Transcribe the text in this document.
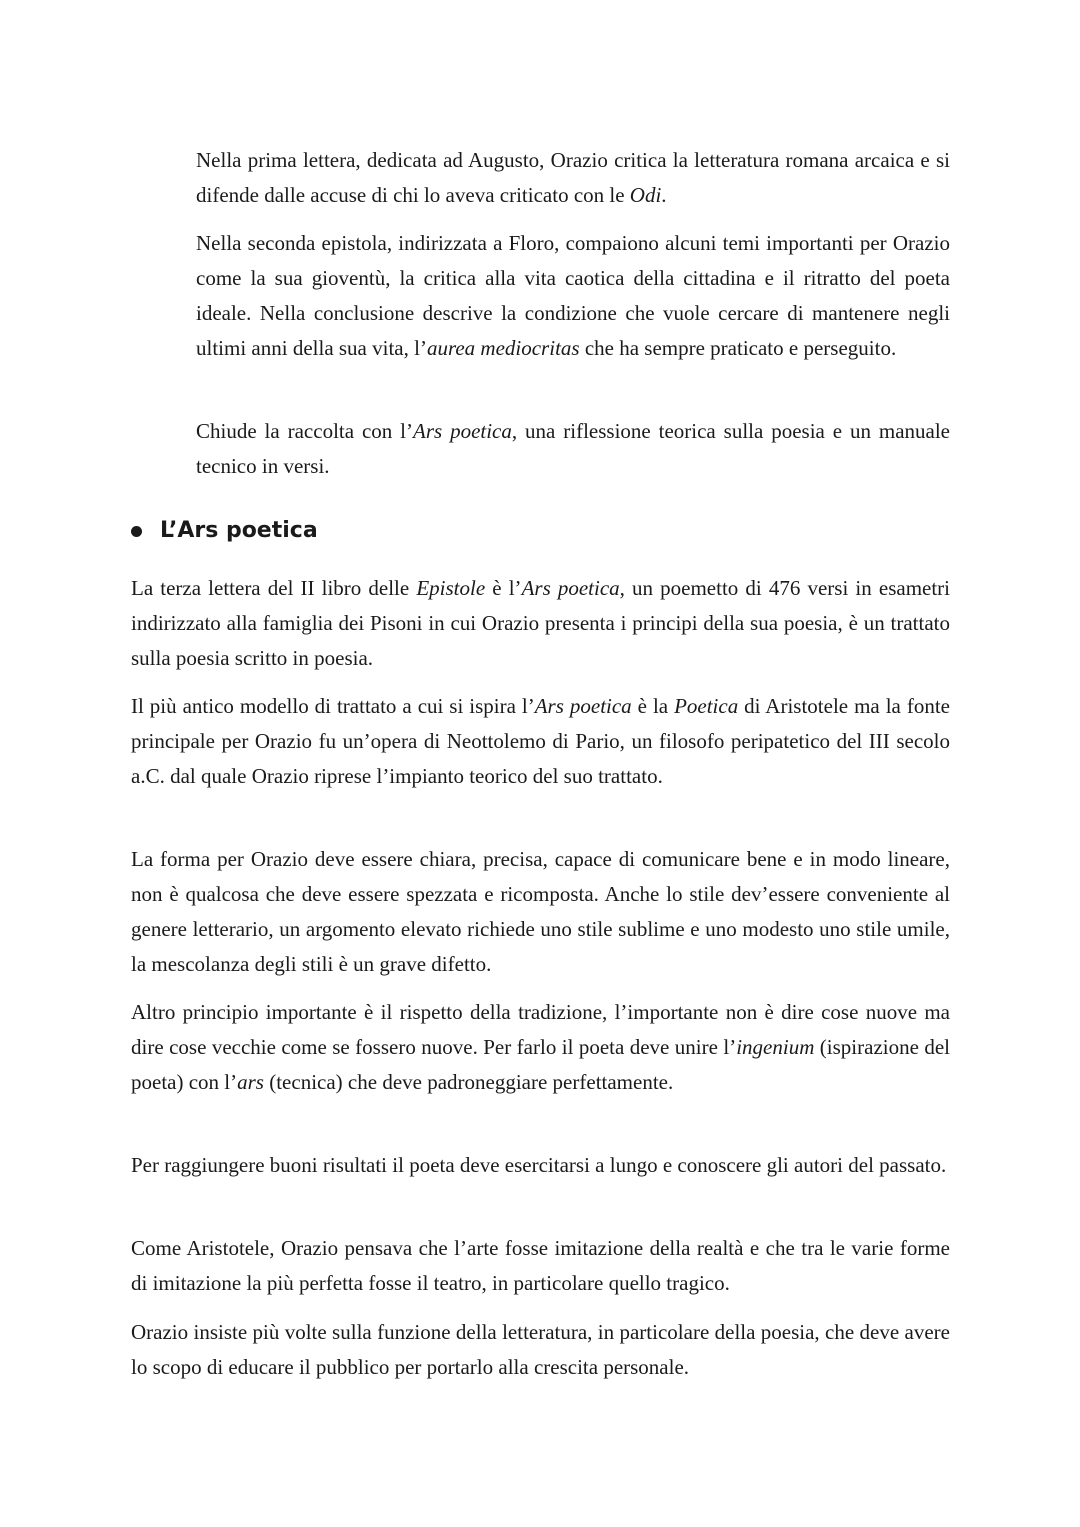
Nella prima lettera, dedicata ad Augusto, Orazio critica la letteratura romana arcaica e si difende dalle accuse di chi lo aveva criticato con le Odi.

Nella seconda epistola, indirizzata a Floro, compaiono alcuni temi importanti per Orazio come la sua gioventù, la critica alla vita caotica della cittadina e il ritratto del poeta ideale. Nella conclusione descrive la condizione che vuole cercare di mantenere negli ultimi anni della sua vita, l’aurea mediocritas che ha sempre praticato e perseguito.

Chiude la raccolta con l’Ars poetica, una riflessione teorica sulla poesia e un manuale tecnico in versi.

L’Ars poetica

La terza lettera del II libro delle Epistole è l’Ars poetica, un poemetto di 476 versi in esametri indirizzato alla famiglia dei Pisoni in cui Orazio presenta i principi della sua poesia, è un trattato sulla poesia scritto in poesia.

Il più antico modello di trattato a cui si ispira l’Ars poetica è la Poetica di Aristotele ma la fonte principale per Orazio fu un’opera di Neottolemo di Pario, un filosofo peripatetico del III secolo a.C. dal quale Orazio riprese l’impianto teorico del suo trattato.

La forma per Orazio deve essere chiara, precisa, capace di comunicare bene e in modo lineare, non è qualcosa che deve essere spezzata e ricomposta. Anche lo stile dev’essere conveniente al genere letterario, un argomento elevato richiede uno stile sublime e uno modesto uno stile umile, la mescolanza degli stili è un grave difetto.

Altro principio importante è il rispetto della tradizione, l’importante non è dire cose nuove ma dire cose vecchie come se fossero nuove. Per farlo il poeta deve unire l’ingenium (ispirazione del poeta) con l’ars (tecnica) che deve padroneggiare perfettamente.

Per raggiungere buoni risultati il poeta deve esercitarsi a lungo e conoscere gli autori del passato.

Come Aristotele, Orazio pensava che l’arte fosse imitazione della realtà e che tra le varie forme di imitazione la più perfetta fosse il teatro, in particolare quello tragico.

Orazio insiste più volte sulla funzione della letteratura, in particolare della poesia, che deve avere lo scopo di educare il pubblico per portarlo alla crescita personale.
